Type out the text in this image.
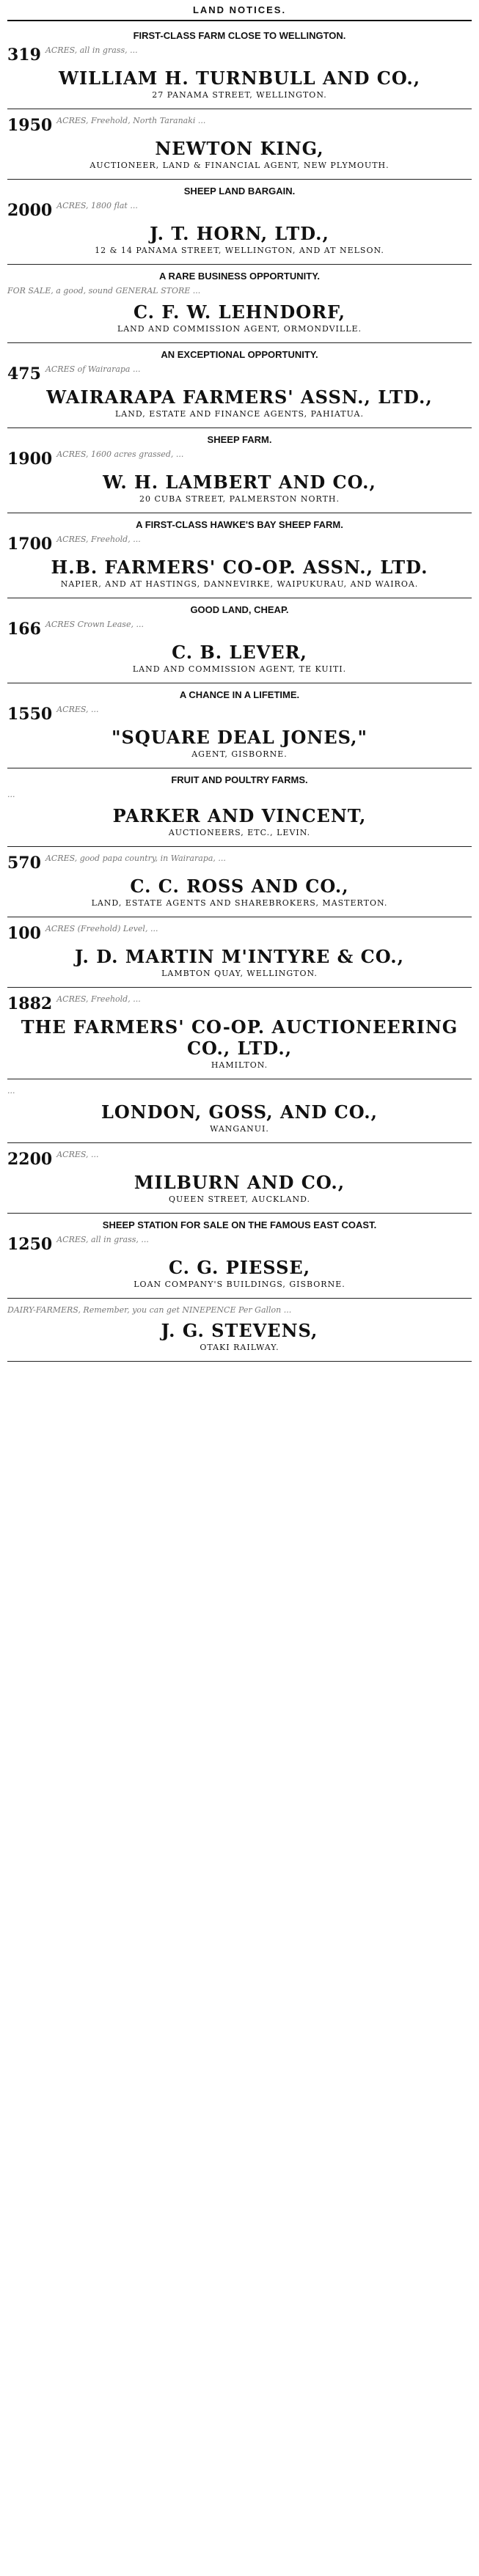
LAND NOTICES.
FIRST-CLASS FARM CLOSE TO WELLINGTON.
319 ACRES, all in grass, ...
WILLIAM H. TURNBULL AND CO.,
27 PANAMA STREET, WELLINGTON.
1950 ACRES, Freehold, North Taranaki ...
NEWTON KING,
AUCTIONEER, LAND & FINANCIAL AGENT, NEW PLYMOUTH.
SHEEP LAND BARGAIN.
2000 ACRES, 1800 flat ...
J. T. HORN, LTD.,
12 & 14 PANAMA STREET, WELLINGTON, AND AT NELSON.
A RARE BUSINESS OPPORTUNITY.
FOR SALE, a good, sound GENERAL STORE ...
C. F. W. LEHNDORF,
LAND AND COMMISSION AGENT, ORMONDVILLE.
AN EXCEPTIONAL OPPORTUNITY.
475 ACRES of Wairarapa ...
WAIRARAPA FARMERS' ASSN., LTD.,
LAND, ESTATE AND FINANCE AGENTS, PAHIATUA.
SHEEP FARM.
1900 ACRES, 1600 acres grassed, ...
W. H. LAMBERT AND CO.,
20 CUBA STREET, PALMERSTON NORTH.
A FIRST-CLASS HAWKE'S BAY SHEEP FARM.
1700 ACRES, Freehold, ...
H.B. FARMERS' CO-OP. ASSN., LTD.
NAPIER, AND AT HASTINGS, DANNEVIRKE, WAIPUKURAU, AND WAIROA.
GOOD LAND, CHEAP.
166 ACRES Crown Lease, ...
C. B. LEVER,
LAND AND COMMISSION AGENT, TE KUITI.
A CHANCE IN A LIFETIME.
1550 ACRES, ...
"SQUARE DEAL JONES,"
AGENT, GISBORNE.
FRUIT AND POULTRY FARMS.
...
PARKER AND VINCENT,
AUCTIONEERS, ETC., LEVIN.
570 ACRES, good papa country, in Wairarapa, ...
C. C. ROSS AND CO.,
LAND, ESTATE AGENTS AND SHAREBROKERS, MASTERTON.
100 ACRES (Freehold) Level, ...
J. D. MARTIN M'INTYRE & CO.,
LAMBTON QUAY, WELLINGTON.
1882 ACRES, Freehold, ...
THE FARMERS' CO-OP. AUCTIONEERING CO., LTD.,
HAMILTON.
...
LONDON, GOSS, AND CO.,
WANGANUI.
2200 ACRES, ...
MILBURN AND CO.,
QUEEN STREET, AUCKLAND.
SHEEP STATION FOR SALE ON THE FAMOUS EAST COAST.
1250 ACRES, all in grass, ...
C. G. PIESSE,
LOAN COMPANY'S BUILDINGS, GISBORNE.
DAIRY-FARMERS, Remember, you can get NINEPENCE Per Gallon ...
J. G. STEVENS,
OTAKI RAILWAY.
